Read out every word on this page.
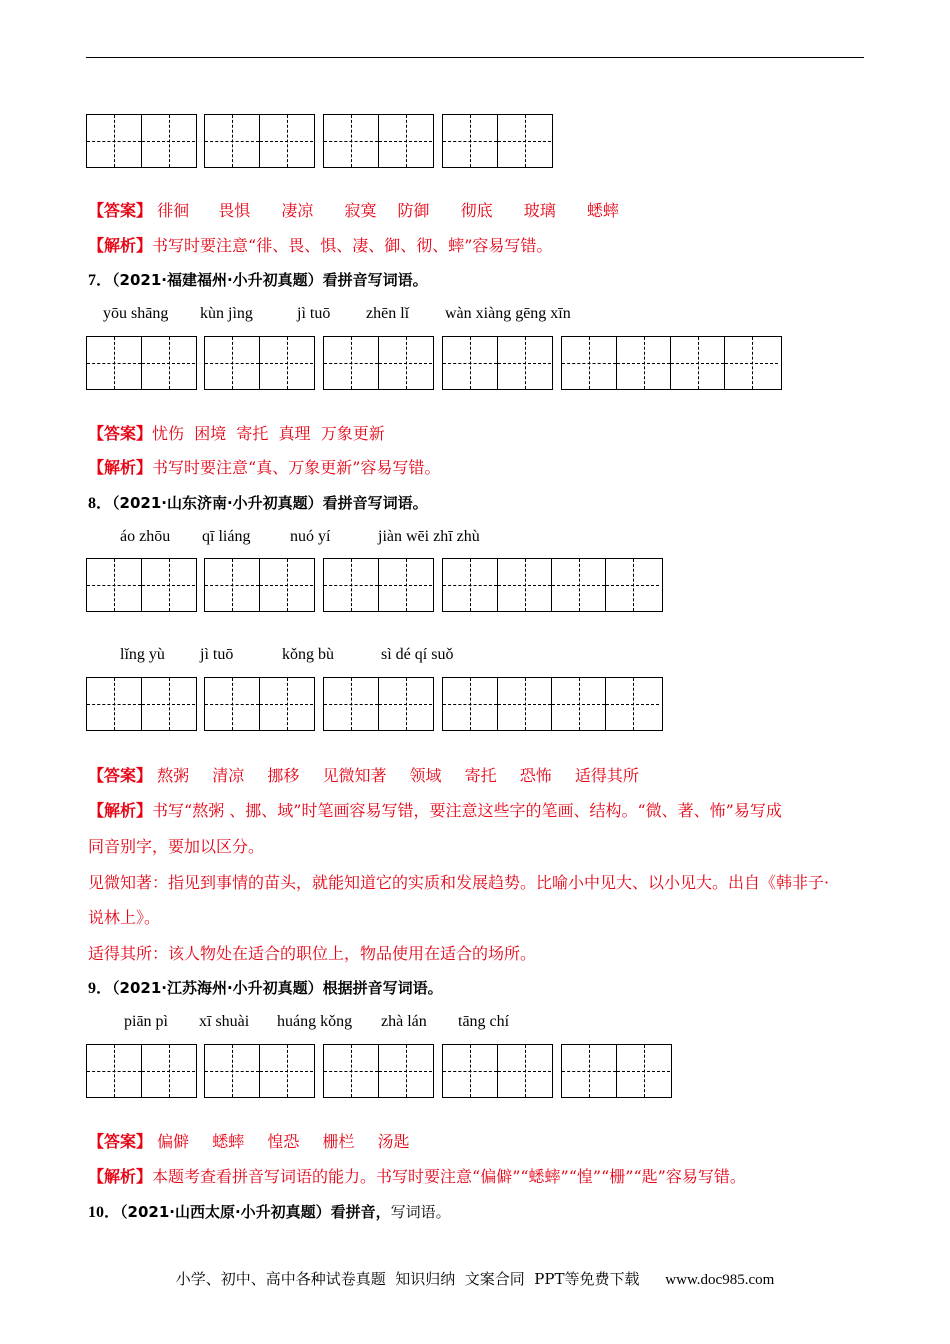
【答案】 徘徊 畏惧 凄凉 寂寞 防御 彻底 玻璃 蟋蟀
【解析】书写时要注意“徘、畏、惧、凄、御、彻、蟀”容易写错。
7．（2021·福建福州·小升初真题）看拼音写词语。
yōu shāng kùn jìng	jì tuō zhēn lǐ wàn xiàng gēng xīn
【答案】忧伤  困境  寄托  真理  万象更新
【解析】书写时要注意“真、万象更新”容易写错。
8．（2021·山东济南·小升初真题）看拼音写词语。
áo zhōu qī liáng nuó yí	jiàn wēi zhī zhù
lǐng yù jì tuō	kǒng bù	sì dé qí suǒ
【答案】 熬粥 清凉 挪移 见微知著 领域 寄托 恐怖 适得其所
【解析】书写“熬粥 、挪、域”时笔画容易写错，要注意这些字的笔画、结构。“微、著、怖”易写成
同音别字，要加以区分。
见微知著：指见到事情的苗头，就能知道它的实质和发展趋势。比喻小中见大、以小见大。出自《韩非子·
说林上》。
适得其所：该人物处在适合的职位上，物品使用在适合的场所。
9．（2021·江苏海州·小升初真题）根据拼音写词语。
piān pì xī shuài huáng kǒng zhà lán tāng chí
【答案】 偏僻 蟋蟀 惶恐 栅栏 汤匙
【解析】本题考查看拼音写词语的能力。书写时要注意“偏僻”“蟋蟀”“惶”“栅”“匙”容易写错。
10．（2021·山西太原·小升初真题）看拼音，写词语。
小学、初中、高中各种试卷真题  知识归纳  文案合同  PPT等免费下载 www.doc985.com
